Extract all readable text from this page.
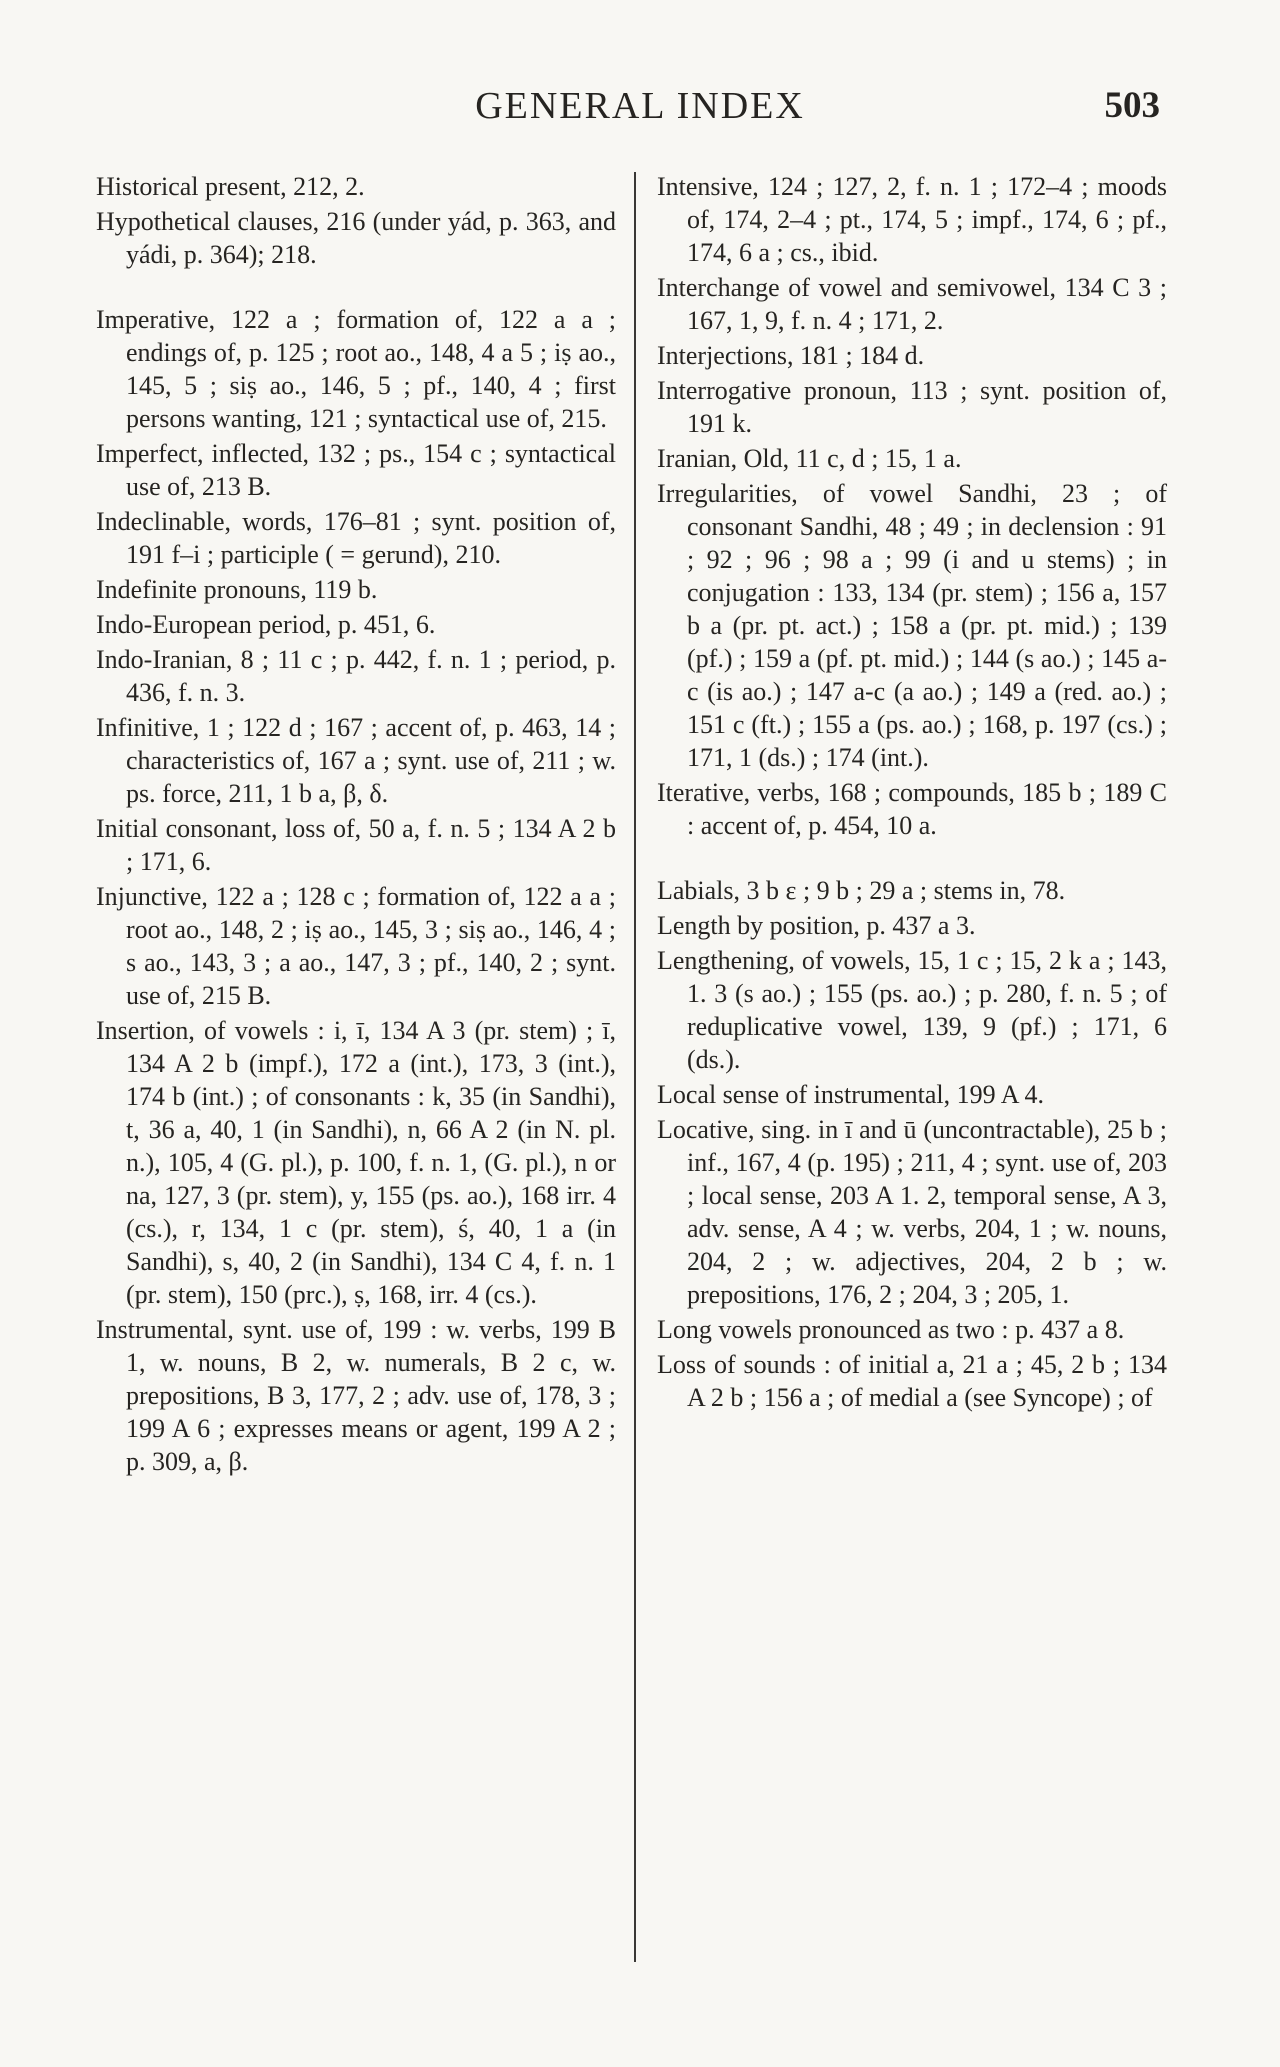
GENERAL INDEX	503

Historical present, 212, 2.

Hypothetical clauses, 216 (under yád, p. 363, and yádi, p. 364); 218.

Imperative, 122 a ; formation of, 122 a a ; endings of, p. 125 ; root ao., 148, 4 a 5 ; iṣ ao., 145, 5 ; siṣ ao., 146, 5 ; pf., 140, 4 ; first persons wanting, 121 ; syntactical use of, 215.

Imperfect, inflected, 132 ; ps., 154 c ; syntactical use of, 213 B.

Indeclinable, words, 176–81 ; synt. position of, 191 f–i ; participle ( = gerund), 210.

Indefinite pronouns, 119 b.

Indo-European period, p. 451, 6.

Indo-Iranian, 8 ; 11 c ; p. 442, f. n. 1 ; period, p. 436, f. n. 3.

Infinitive, 1 ; 122 d ; 167 ; accent of, p. 463, 14 ; characteristics of, 167 a ; synt. use of, 211 ; w. ps. force, 211, 1 b a, β, δ.

Initial consonant, loss of, 50 a, f. n. 5 ; 134 A 2 b ; 171, 6.

Injunctive, 122 a ; 128 c ; formation of, 122 a a ; root ao., 148, 2 ; iṣ ao., 145, 3 ; siṣ ao., 146, 4 ; s ao., 143, 3 ; a ao., 147, 3 ; pf., 140, 2 ; synt. use of, 215 B.

Insertion, of vowels : i, ī, 134 A 3 (pr. stem) ; ī, 134 A 2 b (impf.), 172 a (int.), 173, 3 (int.), 174 b (int.) ; of consonants : k, 35 (in Sandhi), t, 36 a, 40, 1 (in Sandhi), n, 66 A 2 (in N. pl. n.), 105, 4 (G. pl.), p. 100, f. n. 1, (G. pl.), n or na, 127, 3 (pr. stem), y, 155 (ps. ao.), 168 irr. 4 (cs.), r, 134, 1 c (pr. stem), ś, 40, 1 a (in Sandhi), s, 40, 2 (in Sandhi), 134 C 4, f. n. 1 (pr. stem), 150 (prc.), ṣ, 168, irr. 4 (cs.).

Instrumental, synt. use of, 199 : w. verbs, 199 B 1, w. nouns, B 2, w. numerals, B 2 c, w. prepositions, B 3, 177, 2 ; adv. use of, 178, 3 ; 199 A 6 ; expresses means or agent, 199 A 2 ; p. 309, a, β.

Intensive, 124 ; 127, 2, f. n. 1 ; 172–4 ; moods of, 174, 2–4 ; pt., 174, 5 ; impf., 174, 6 ; pf., 174, 6 a ; cs., ibid.

Interchange of vowel and semivowel, 134 C 3 ; 167, 1, 9, f. n. 4 ; 171, 2.

Interjections, 181 ; 184 d.

Interrogative pronoun, 113 ; synt. position of, 191 k.

Iranian, Old, 11 c, d ; 15, 1 a.

Irregularities, of vowel Sandhi, 23 ; of consonant Sandhi, 48 ; 49 ; in declension : 91 ; 92 ; 96 ; 98 a ; 99 (i and u stems) ; in conjugation : 133, 134 (pr. stem) ; 156 a, 157 b a (pr. pt. act.) ; 158 a (pr. pt. mid.) ; 139 (pf.) ; 159 a (pf. pt. mid.) ; 144 (s ao.) ; 145 a-c (is ao.) ; 147 a-c (a ao.) ; 149 a (red. ao.) ; 151 c (ft.) ; 155 a (ps. ao.) ; 168, p. 197 (cs.) ; 171, 1 (ds.) ; 174 (int.).

Iterative, verbs, 168 ; compounds, 185 b ; 189 C : accent of, p. 454, 10 a.

Labials, 3 b ε ; 9 b ; 29 a ; stems in, 78.

Length by position, p. 437 a 3.

Lengthening, of vowels, 15, 1 c ; 15, 2 k a ; 143, 1. 3 (s ao.) ; 155 (ps. ao.) ; p. 280, f. n. 5 ; of reduplicative vowel, 139, 9 (pf.) ; 171, 6 (ds.).

Local sense of instrumental, 199 A 4.

Locative, sing. in ī and ū (uncontractable), 25 b ; inf., 167, 4 (p. 195) ; 211, 4 ; synt. use of, 203 ; local sense, 203 A 1. 2, temporal sense, A 3, adv. sense, A 4 ; w. verbs, 204, 1 ; w. nouns, 204, 2 ; w. adjectives, 204, 2 b ; w. prepositions, 176, 2 ; 204, 3 ; 205, 1.

Long vowels pronounced as two : p. 437 a 8.

Loss of sounds : of initial a, 21 a ; 45, 2 b ; 134 A 2 b ; 156 a ; of medial a (see Syncope) ; of
